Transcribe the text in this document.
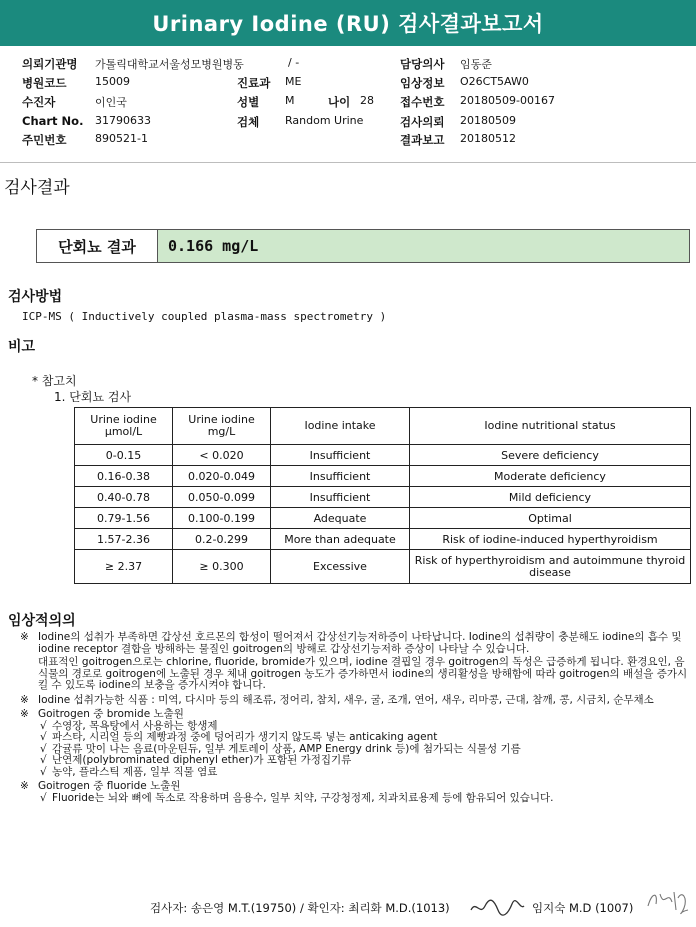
Urinary Iodine (RU) 검사결과보고서
의뢰기관명 가톨릭대학교서울성모병원병동	/ -	담당의사 임동준
병원코드	15009	진료과 ME	임상정보 O26CT5AW0
수진자	이인국	성별 M	나이 28 접수번호 20180509-00167
Chart No. 31790633	검체 Random Urine	검사의뢰 20180509
주민번호	890521-1	결과보고 20180512
검사결과
단회뇨 결과	0.166 mg/L
검사방법
ICP-MS ( Inductively coupled plasma-mass spectrometry )
비고
* 참고치
1. 단회뇨 검사
Urine iodine μmol/L	Urine iodine mg/L	Iodine intake	Iodine nutritional status
0-0.15	< 0.020	Insufficient	Severe deficiency
0.16-0.38	0.020-0.049	Insufficient	Moderate deficiency
0.40-0.78	0.050-0.099	Insufficient	Mild deficiency
0.79-1.56	0.100-0.199	Adequate	Optimal
1.57-2.36	0.2-0.299	More than adequate	Risk of iodine-induced hyperthyroidism
≥ 2.37	≥ 0.300	Excessive	Risk of hyperthyroidism and autoimmune thyroid disease
임상적의의
※ Iodine의 섭취가 부족하면 갑상선 호르몬의 합성이 떨어져서 갑상선기능저하증이 나타납니다. Iodine의 섭취량이 충분해도 iodine의 흡수 및 iodine receptor 결합을 방해하는 물질인 goitrogen의 방해로 갑상선기능저하 증상이 나타날 수 있습니다.

대표적인 goitrogen으로는 chlorine, fluoride, bromide가 있으며, iodine 결핍일 경우 goitrogen의 독성은 급증하게 됩니다. 환경요인, 음식물의 경로로 goitrogen에 노출된 경우 체내 goitrogen 농도가 증가하면서 iodine의 생리활성을 방해함에 따라 goitrogen의 배설을 증가시킬 수 있도록 iodine의 보충을 증가시켜야 합니다.

※ Iodine 섭취가능한 식품 : 미역, 다시마 등의 해조류, 정어리, 참치, 새우, 굴, 조개, 연어, 새우, 리마콩, 근대, 참깨, 콩, 시금치, 순무채소

※ Goitrogen 중 bromide 노출원

√ 수영장, 목욕탕에서 사용하는 항생제
√ 파스타, 시리얼 등의 제빵과정 중에 덩어리가 생기지 않도록 넣는 anticaking agent
√ 감귤류 맛이 나는 음료(마운틴듀, 일부 게토레이 상품, AMP Energy drink 등)에 첨가되는 식물성 기름
√ 난연제(polybrominated diphenyl ether)가 포함된 가정집기류
√ 농약, 플라스틱 제품, 일부 직물 염료
※ Goitrogen 중 fluoride 노출원

√ Fluoride는 뇌와 뼈에 독소로 작용하며 음용수, 일부 치약, 구강청정제, 치과치료용제 등에 함유되어 있습니다.
검사자: 송은영 M.T.(19750) / 확인자: 최리화 M.D.(1013)	임지숙 M.D (1007)
